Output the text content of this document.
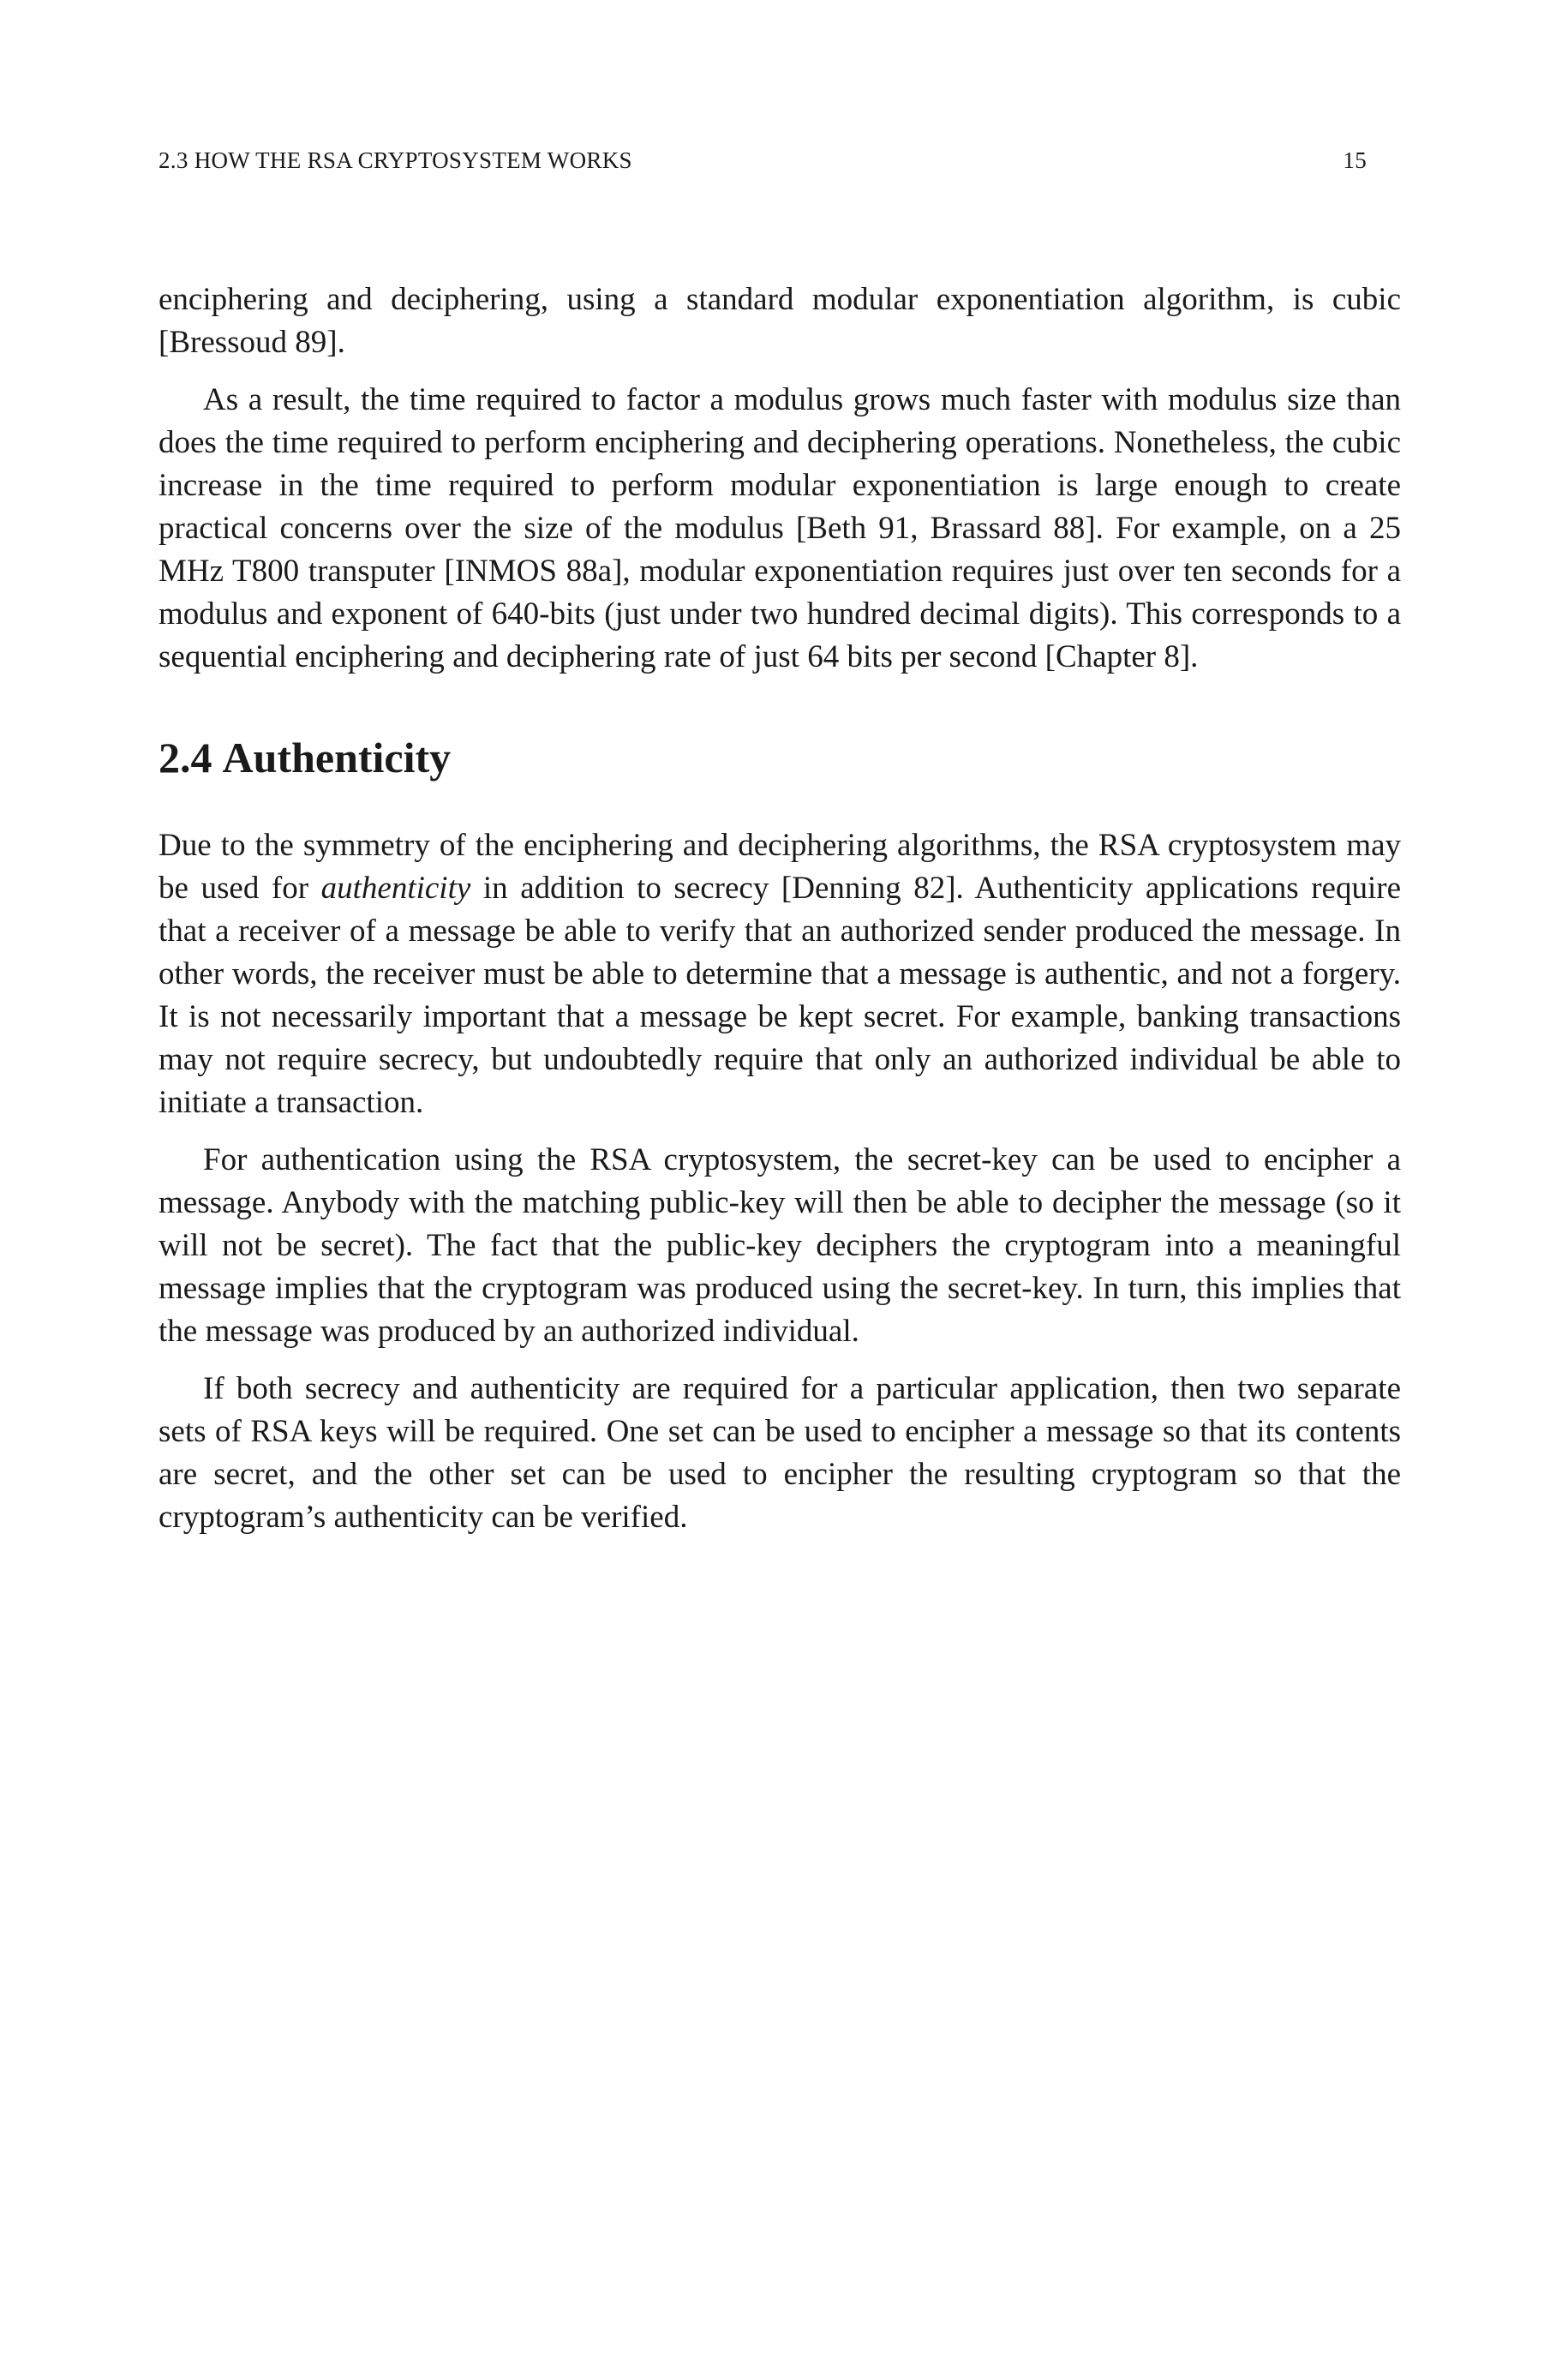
2.3 HOW THE RSA CRYPTOSYSTEM WORKS	15

enciphering and deciphering, using a standard modular exponentiation algorithm, is cubic [Bressoud 89].

As a result, the time required to factor a modulus grows much faster with modulus size than does the time required to perform enciphering and deciphering operations. Nonetheless, the cubic increase in the time required to perform modular exponentiation is large enough to create practical concerns over the size of the modulus [Beth 91, Brassard 88]. For example, on a 25 MHz T800 transputer [INMOS 88a], modular exponentiation requires just over ten seconds for a modulus and exponent of 640-bits (just under two hundred decimal digits). This corresponds to a sequential enciphering and deciphering rate of just 64 bits per second [Chapter 8].

2.4 Authenticity

Due to the symmetry of the enciphering and deciphering algorithms, the RSA cryptosystem may be used for authenticity in addition to secrecy [Denning 82]. Authenticity applications require that a receiver of a message be able to verify that an authorized sender produced the message. In other words, the receiver must be able to determine that a message is authentic, and not a forgery. It is not necessarily important that a message be kept secret. For example, banking transactions may not require secrecy, but undoubtedly require that only an authorized individual be able to initiate a transaction.

For authentication using the RSA cryptosystem, the secret-key can be used to encipher a message. Anybody with the matching public-key will then be able to decipher the message (so it will not be secret). The fact that the public-key deciphers the cryptogram into a meaningful message implies that the cryptogram was produced using the secret-key. In turn, this implies that the message was produced by an authorized individual.

If both secrecy and authenticity are required for a particular application, then two separate sets of RSA keys will be required. One set can be used to encipher a message so that its contents are secret, and the other set can be used to encipher the resulting cryptogram so that the cryptogram’s authenticity can be verified.
